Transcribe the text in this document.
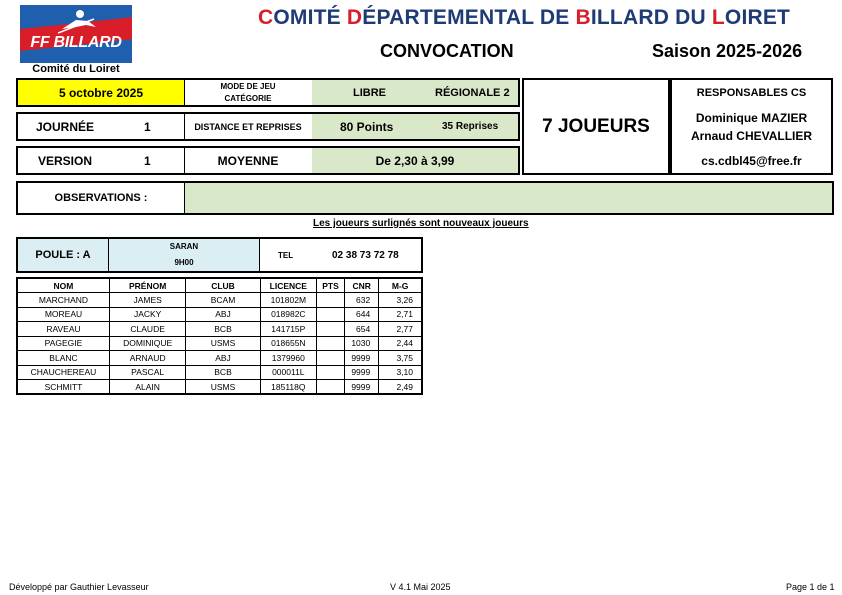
FF BILLARD
Comité du Loiret
COMITÉ DÉPARTEMENTAL DE BILLARD DU LOIRET
CONVOCATION	Saison 2025-2026
5 octobre 2025	MODE DE JEU
CATÉGORIE	LIBRE	RÉGIONALE 2
JOURNÉE	1	DISTANCE ET REPRISES	80 Points	35 Reprises
VERSION	1	MOYENNE	De 2,30 à 3,99
7 JOUEURS
RESPONSABLES CS
Dominique MAZIER
Arnaud CHEVALLIER
cs.cdbl45@free.fr
OBSERVATIONS :
Les joueurs surlignés sont nouveaux joueurs
POULE : A
SARAN
9H00
TEL	02 38 73 72 78
NOM	PRÉNOM	CLUB	LICENCE	PTS	CNR	M-G
MARCHAND	JAMES	BCAM	101802M		632	3,26
MOREAU	JACKY	ABJ	018982C		644	2,71
RAVEAU	CLAUDE	BCB	141715P		654	2,77
PAGEGIE	DOMINIQUE	USMS	018655N		1030	2,44
BLANC	ARNAUD	ABJ	1379960		9999	3,75
CHAUCHEREAU	PASCAL	BCB	000011L		9999	3,10
SCHMITT	ALAIN	USMS	185118Q		9999	2,49
Développé par Gauthier Levasseur	V 4.1 Mai 2025	Page 1 de 1
